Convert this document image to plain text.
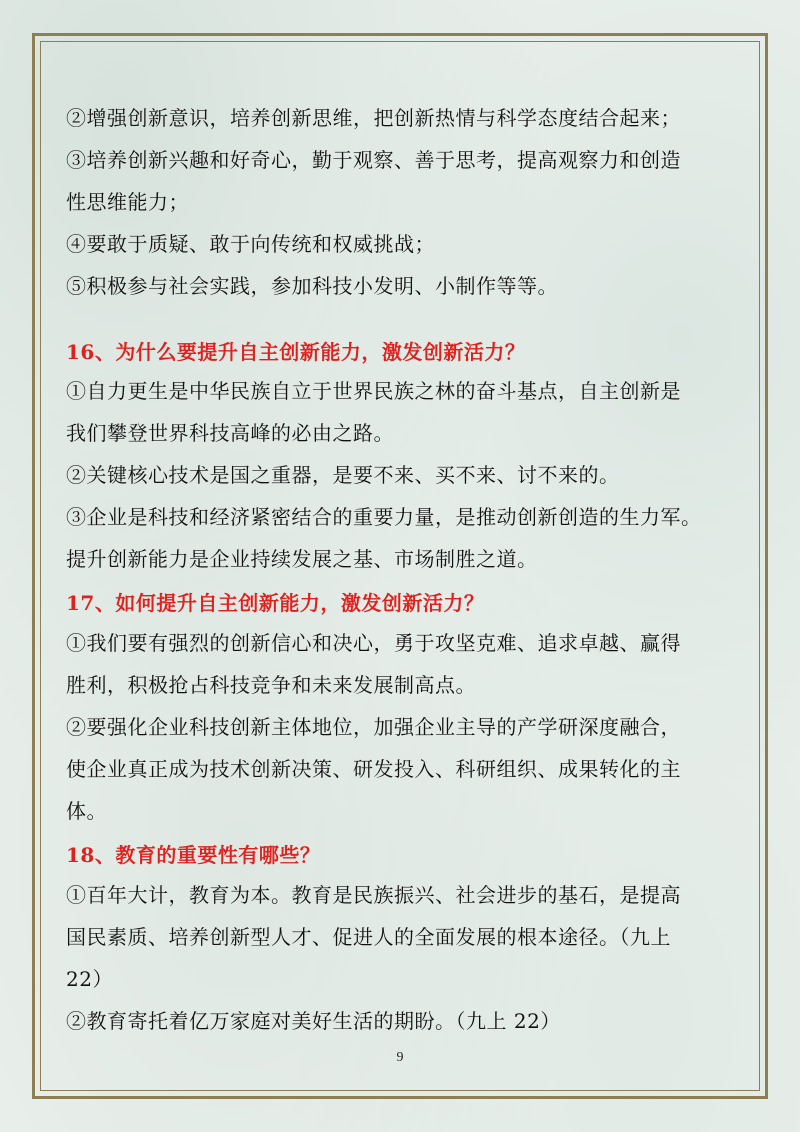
②增强创新意识，培养创新思维，把创新热情与科学态度结合起来；
③培养创新兴趣和好奇心，勤于观察、善于思考，提高观察力和创造
性思维能力；
④要敢于质疑、敢于向传统和权威挑战；
⑤积极参与社会实践，参加科技小发明、小制作等等。
16、为什么要提升自主创新能力，激发创新活力？
①自力更生是中华民族自立于世界民族之林的奋斗基点，自主创新是
我们攀登世界科技高峰的必由之路。
②关键核心技术是国之重器，是要不来、买不来、讨不来的。
③企业是科技和经济紧密结合的重要力量，是推动创新创造的生力军。
提升创新能力是企业持续发展之基、市场制胜之道。
17、如何提升自主创新能力，激发创新活力？
①我们要有强烈的创新信心和决心，勇于攻坚克难、追求卓越、赢得
胜利，积极抢占科技竞争和未来发展制高点。
②要强化企业科技创新主体地位，加强企业主导的产学研深度融合，
使企业真正成为技术创新决策、研发投入、科研组织、成果转化的主
体。
18、教育的重要性有哪些？
①百年大计，教育为本。教育是民族振兴、社会进步的基石，是提高
国民素质、培养创新型人才、促进人的全面发展的根本途径。（九上
22）
②教育寄托着亿万家庭对美好生活的期盼。（九上 22）
9
